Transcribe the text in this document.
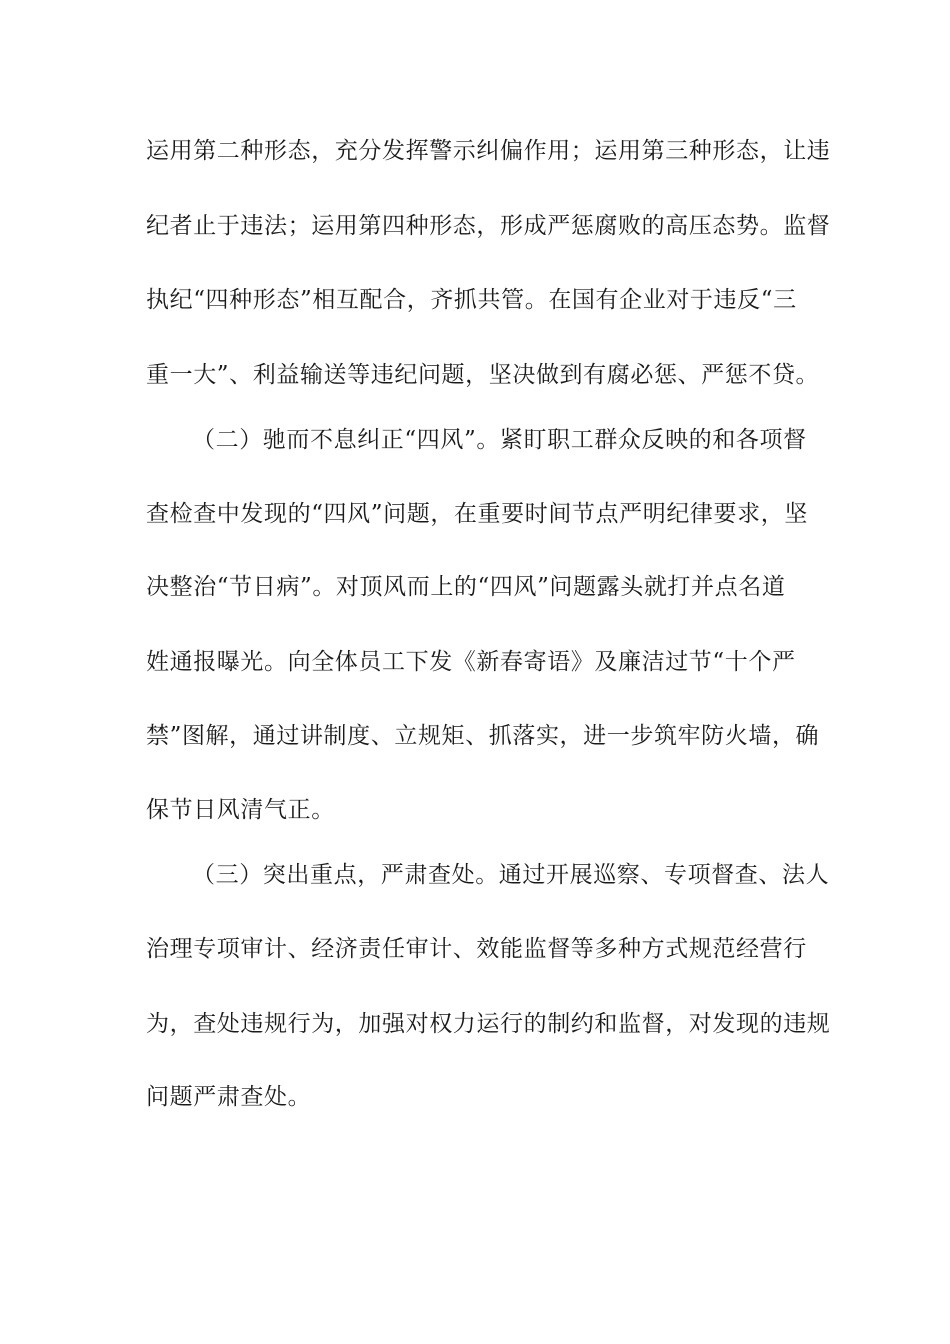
运用第二种形态，充分发挥警示纠偏作用；运用第三种形态，让违
纪者止于违法；运用第四种形态，形成严惩腐败的高压态势。监督
执纪“四种形态”相互配合，齐抓共管。在国有企业对于违反“三
重一大”、利益输送等违纪问题，坚决做到有腐必惩、严惩不贷。
（二）驰而不息纠正“四风”。紧盯职工群众反映的和各项督
查检查中发现的“四风”问题，在重要时间节点严明纪律要求，坚
决整治“节日病”。对顶风而上的“四风”问题露头就打并点名道
姓通报曝光。向全体员工下发《新春寄语》及廉洁过节“十个严
禁”图解，通过讲制度、立规矩、抓落实，进一步筑牢防火墙，确
保节日风清气正。
（三）突出重点，严肃查处。通过开展巡察、专项督查、法人
治理专项审计、经济责任审计、效能监督等多种方式规范经营行
为，查处违规行为，加强对权力运行的制约和监督，对发现的违规
问题严肃查处。
